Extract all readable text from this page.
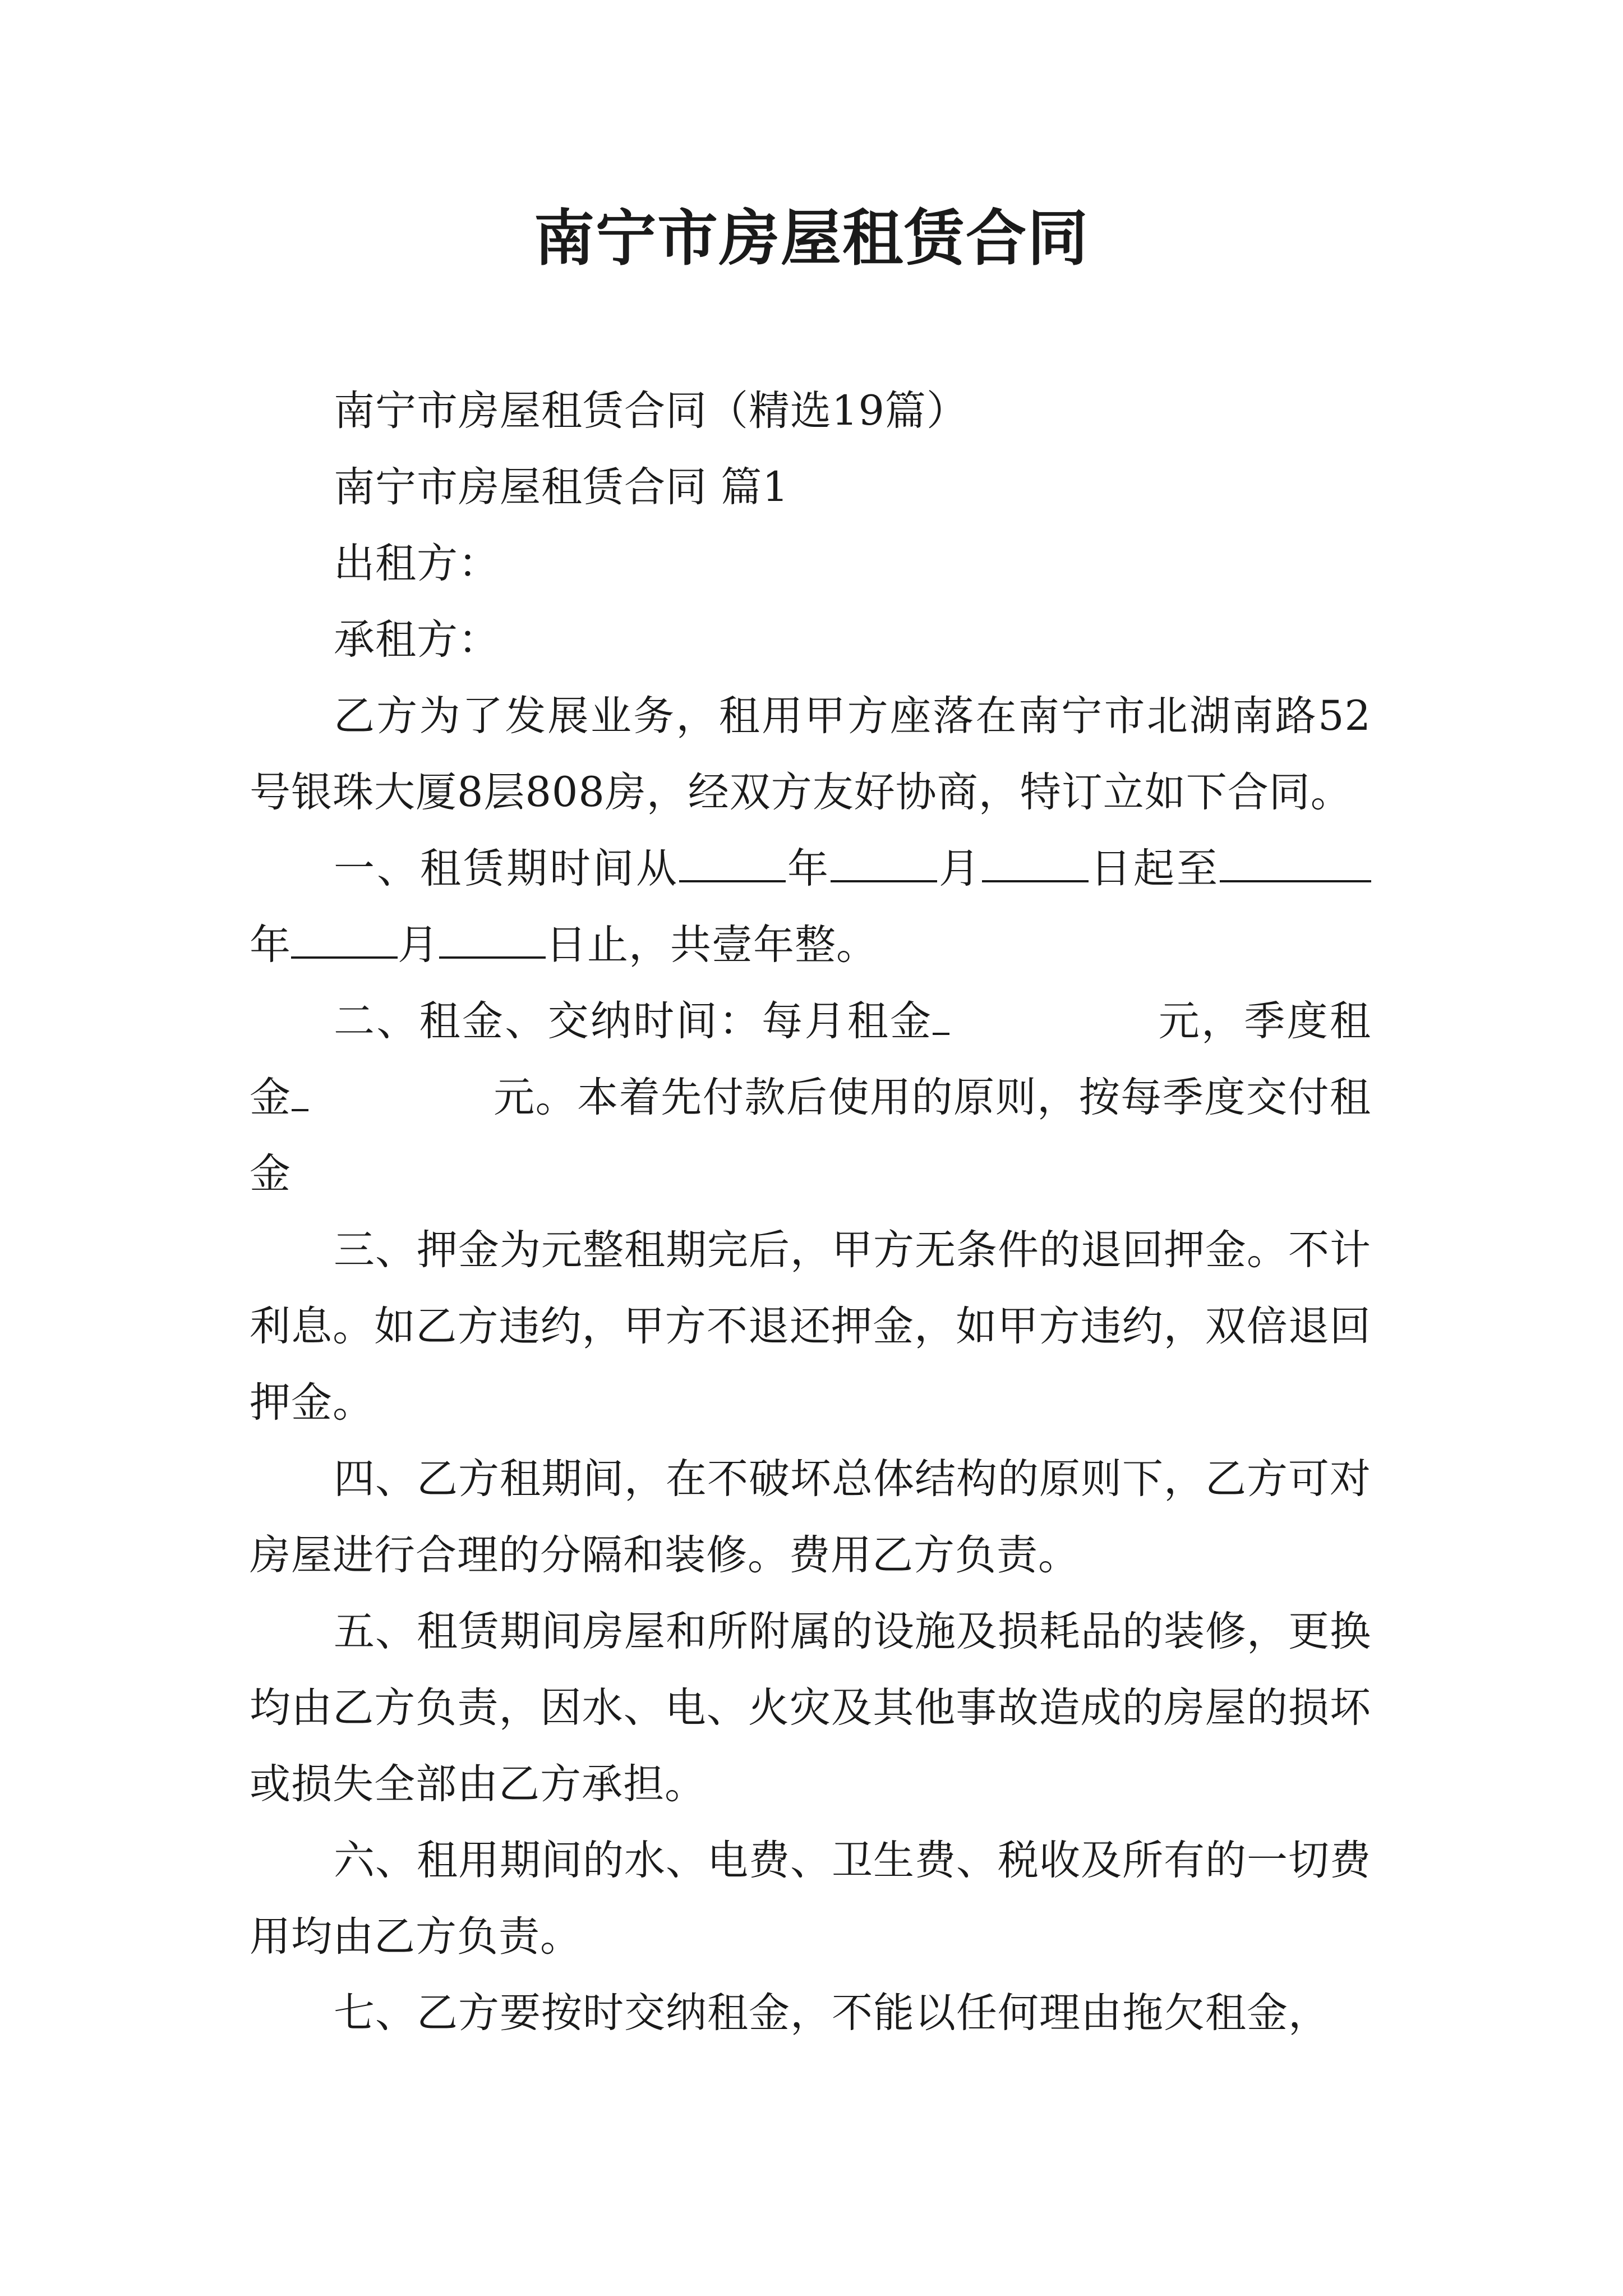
南宁市房屋租赁合同

南宁市房屋租赁合同（精选19篇）

南宁市房屋租赁合同 篇1

出租方：

承租方：

乙方为了发展业务，租用甲方座落在南宁市北湖南路52号银珠大厦8层808房，经双方友好协商，特订立如下合同。

一、租赁期时间从	年	月	日起至年	月	日止，共壹年整。

二、租金、交纳时间：每月租金	元，季度租金	元。本着先付款后使用的原则，按每季度交付租金

三、押金为元整租期完后，甲方无条件的退回押金。不计利息。如乙方违约，甲方不退还押金，如甲方违约，双倍退回押金。

四、乙方租期间，在不破坏总体结构的原则下，乙方可对房屋进行合理的分隔和装修。费用乙方负责。

五、租赁期间房屋和所附属的设施及损耗品的装修，更换均由乙方负责，因水、电、火灾及其他事故造成的房屋的损坏或损失全部由乙方承担。

六、租用期间的水、电费、卫生费、税收及所有的一切费用均由乙方负责。

七、乙方要按时交纳租金，不能以任何理由拖欠租金，
